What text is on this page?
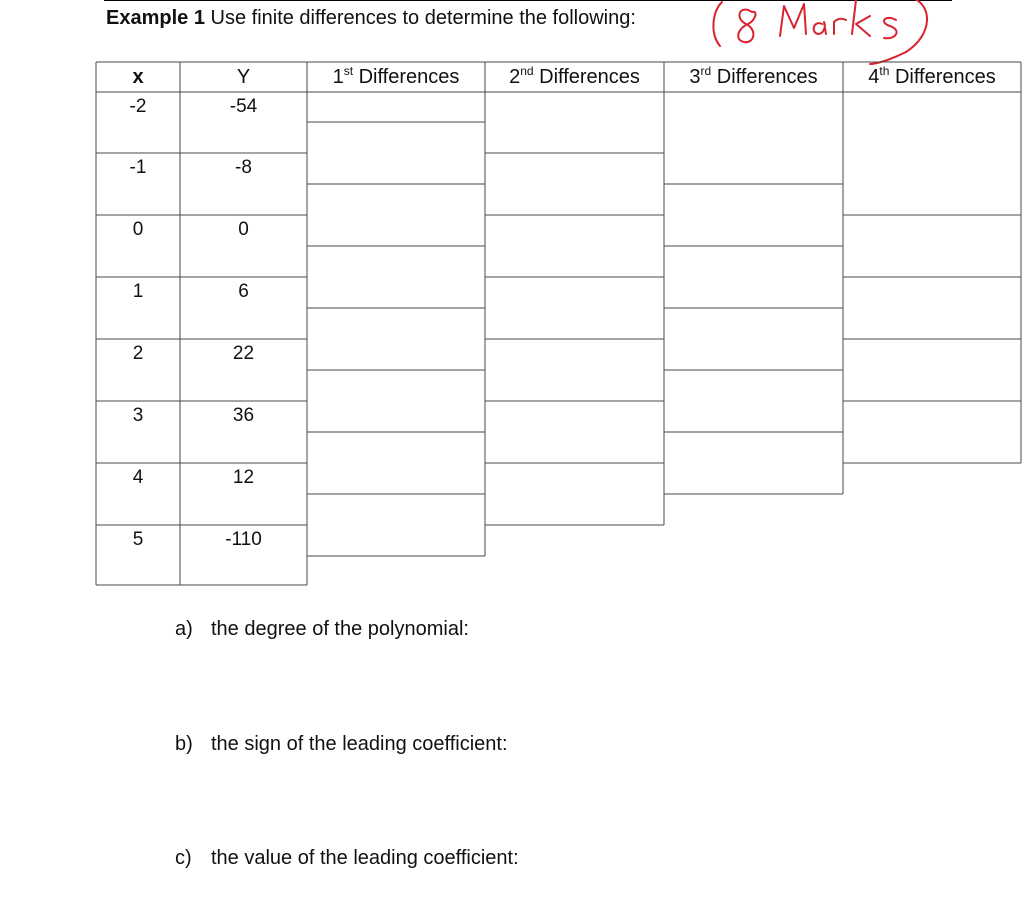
Example 1 Use finite differences to determine the following:
x	Y	1st Differences	2nd Differences	3rd Differences	4th Differences
-2	-54
-1	-8
0	0
1	6
2	22
3	36
4	12
5	-110
a) the degree of the polynomial:
b) the sign of the leading coefficient:
c) the value of the leading coefficient:
